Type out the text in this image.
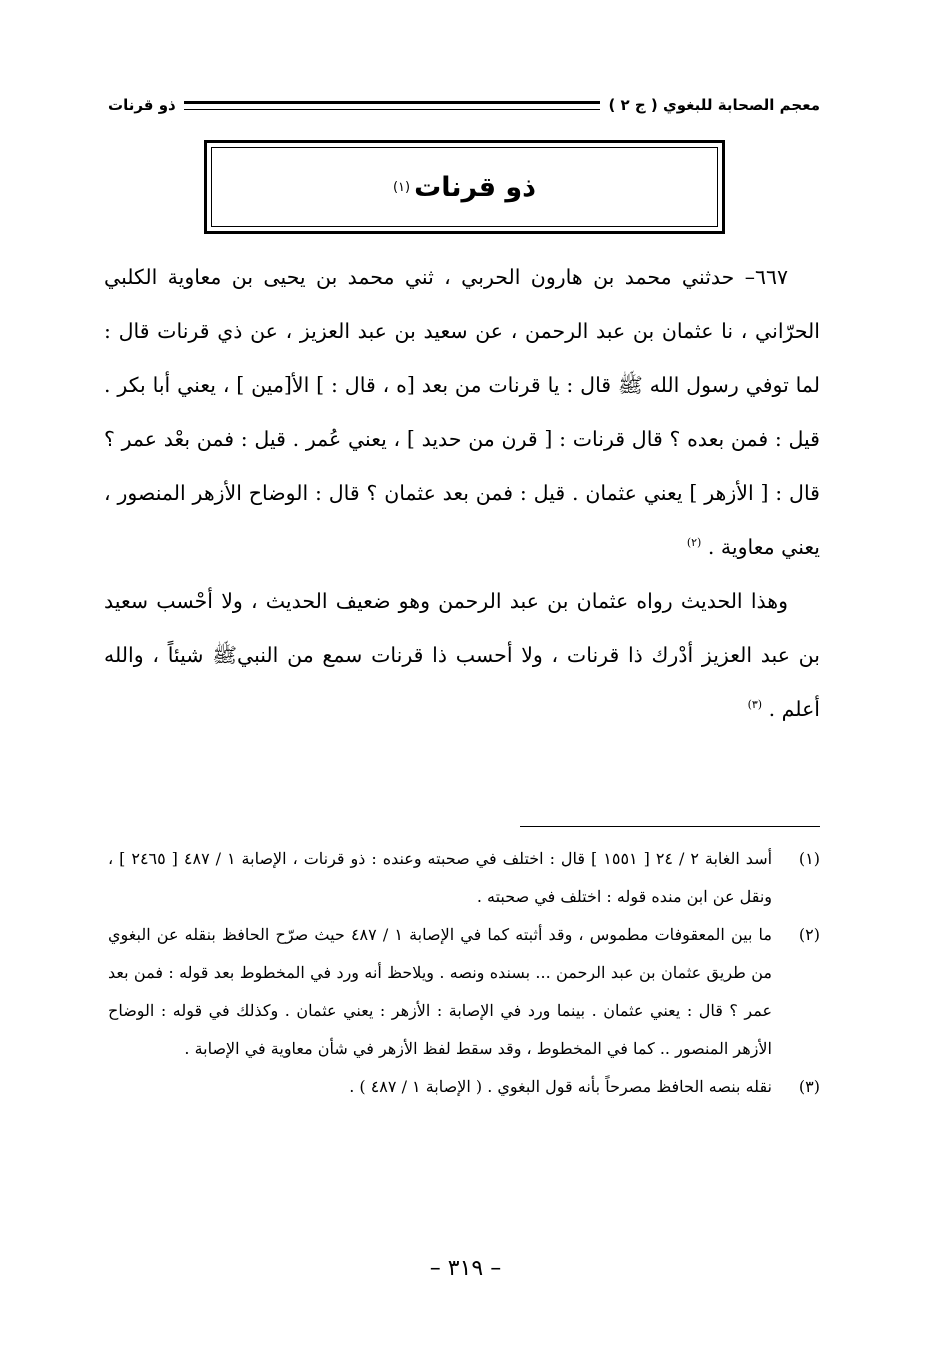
معجم الصحابة للبغوي ( ج ٢ )
ذو قرنات
ذو قرنات
(١)

٦٦٧– حدثني محمد بن هارون الحربي ، ثني محمد بن يحيى بن معاوية الكلبي الحرّاني ، نا عثمان بن عبد الرحمن ، عن سعيد بن عبد العزيز ، عن ذي قرنات قال : لما توفي رسول الله ﷺ قال : يا قرنات من بعد [ه ، قال : ] الأ[مين ] ، يعني أبا بكر . قيل : فمن بعده ؟ قال قرنات : [ قرن من حديد ] ، يعني عُمر . قيل : فمن بعْد عمر ؟ قال : [ الأزهر ] يعني عثمان . قيل : فمن بعد عثمان ؟ قال : الوضاح الأزهر المنصور ، يعني معاوية . $^{(٢)}$

وهذا الحديث رواه عثمان بن عبد الرحمن وهو ضعيف الحديث ، ولا أحْسب سعيد بن عبد العزيز أدْرك ذا قرنات ، ولا أحسب ذا قرنات سمع من النبيﷺ شيئاً ، والله أعلم . $^{(٣)}$

(١)
أسد الغابة ٢ / ٢٤ [ ١٥٥١ ] قال : اختلف في صحبته وعنده : ذو قرنات ، الإصابة ١ / ٤٨٧ [ ٢٤٦٥ ] ، ونقل عن ابن منده قوله : اختلف في صحبته .
(٢)
ما بين المعقوفات مطموس ، وقد أثبته كما في الإصابة ١ / ٤٨٧ حيث صرّح الحافظ بنقله عن البغوي من طريق عثمان بن عبد الرحمن ... بسنده ونصه . ويلاحظ أنه ورد في المخطوط بعد قوله : فمن بعد عمر ؟ قال : يعني عثمان . بينما ورد في الإصابة : الأزهر : يعني عثمان . وكذلك في قوله : الوضاح الأزهر المنصور .. كما في المخطوط ، وقد سقط لفظ الأزهر في شأن معاوية في الإصابة .
(٣)
نقله بنصه الحافظ مصرحاً بأنه قول البغوي . ( الإصابة ١ / ٤٨٧ ) .
– ٣١٩ –
